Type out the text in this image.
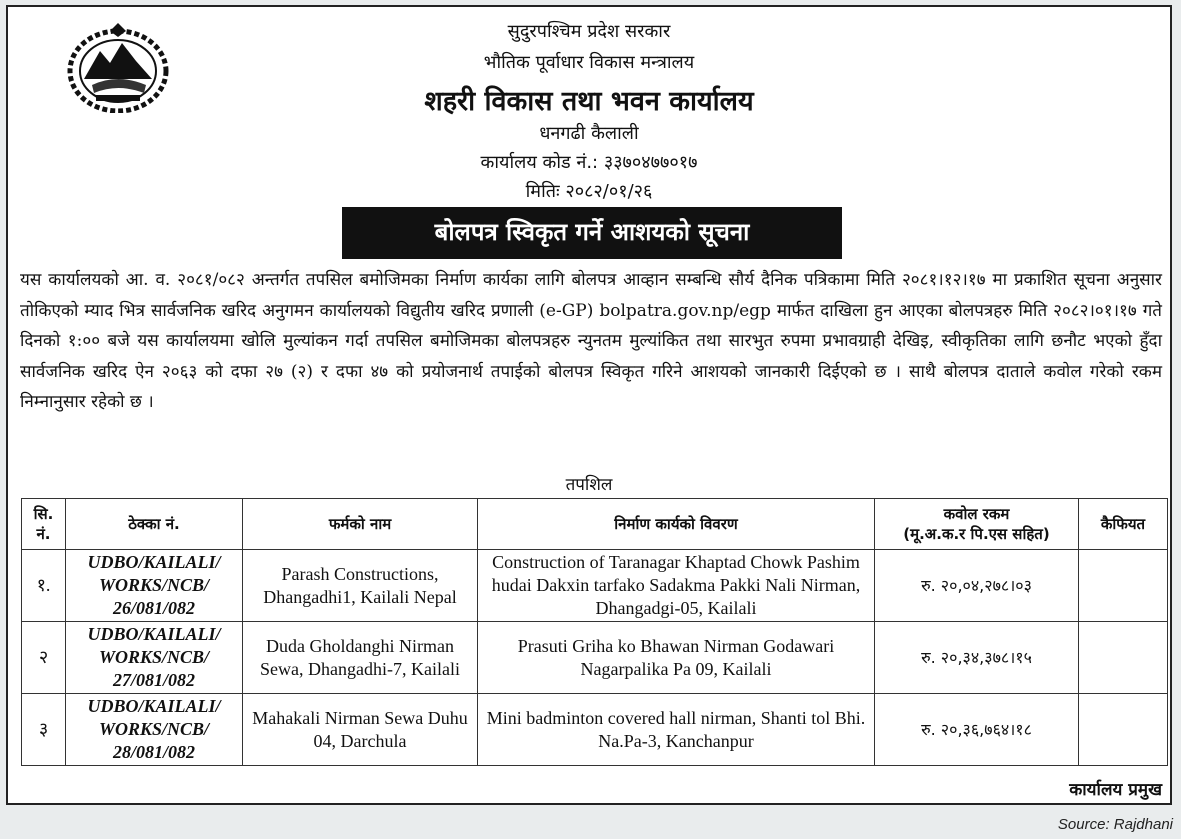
सुदुरपश्चिम प्रदेश सरकार
भौतिक पूर्वाधार विकास मन्त्रालय
शहरी विकास तथा भवन कार्यालय
धनगढी कैलाली
कार्यालय कोड नं.: ३३७०४७७०१७
मितिः २०८२/०१/२६
बोलपत्र स्विकृत गर्ने आशयको सूचना
यस कार्यालयको आ. व. २०८१/०८२ अन्तर्गत तपसिल बमोजिमका निर्माण कार्यका लागि बोलपत्र आव्हान सम्बन्धि सौर्य दैनिक पत्रिकामा मिति २०८१।१२।१७ मा प्रकाशित सूचना अनुसार तोकिएको म्याद भित्र सार्वजनिक खरिद अनुगमन कार्यालयको विद्युतीय खरिद प्रणाली (e-GP) bolpatra.gov.np/egp मार्फत दाखिला हुन आएका बोलपत्रहरु मिति २०८२।०१।१७ गते दिनको १:०० बजे यस कार्यालयमा खोलि मुल्यांकन गर्दा तपसिल बमोजिमका बोलपत्रहरु न्युनतम मुल्यांकित तथा सारभुत रुपमा प्रभावग्राही देखिइ, स्वीकृतिका लागि छनौट भएको हुँदा सार्वजनिक खरिद ऐन २०६३ को दफा २७ (२) र दफा ४७ को प्रयोजनार्थ तपाईको बोलपत्र स्विकृत गरिने आशयको जानकारी दिईएको छ । साथै बोलपत्र दाताले कवोल गरेको रकम निम्नानुसार रहेको छ ।
तपशिल
सि. नं.	ठेक्का नं.	फर्मको नाम	निर्माण कार्यको विवरण	कवोल रकम
(मू.अ.क.र पि.एस सहित)	कैफियत
१.	UDBO/KAILALI/ WORKS/NCB/ 26/081/082	Parash Constructions, Dhangadhi1, Kailali Nepal	Construction of Taranagar Khaptad Chowk Pashim hudai Dakxin tarfako Sadakma Pakki Nali Nirman, Dhangadgi-05, Kailali	रु. २०,०४,२७८।०३	
२	UDBO/KAILALI/ WORKS/NCB/ 27/081/082	Duda Gholdanghi Nirman Sewa, Dhangadhi-7, Kailali	Prasuti Griha ko Bhawan Nirman Godawari Nagarpalika Pa 09, Kailali	रु. २०,३४,३७८।१५	
३	UDBO/KAILALI/ WORKS/NCB/ 28/081/082	Mahakali Nirman Sewa Duhu 04, Darchula	Mini badminton covered hall nirman, Shanti tol Bhi. Na.Pa-3, Kanchanpur	रु. २०,३६,७६४।१८	
कार्यालय प्रमुख
Source: Rajdhani
